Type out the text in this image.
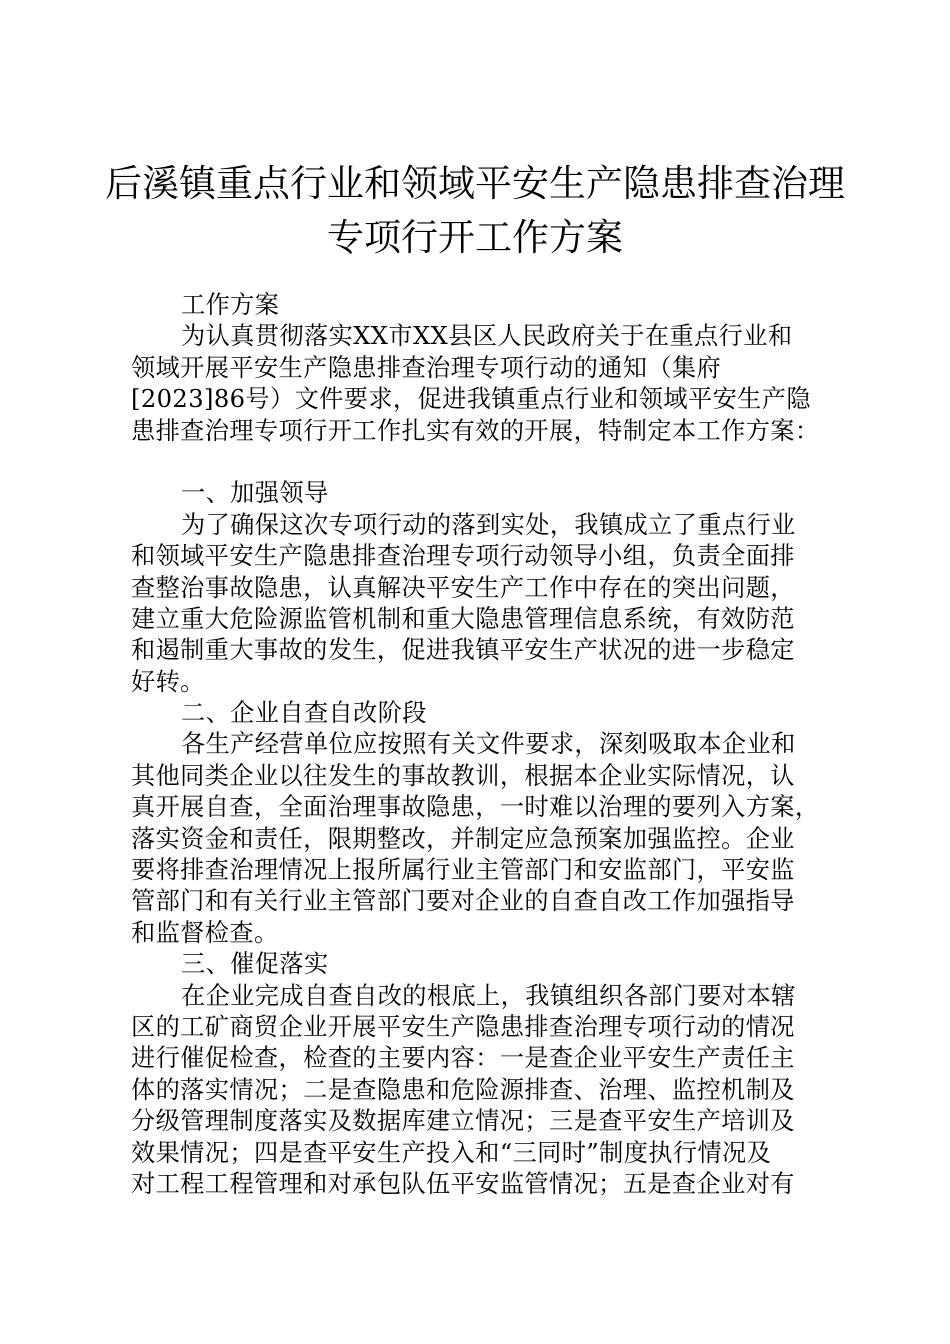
后溪镇重点行业和领域平安生产隐患排查治理
专项行开工作方案
工作方案
为认真贯彻落实XX市XX县区人民政府关于在重点行业和
领域开展平安生产隐患排查治理专项行动的通知（集府
[2023]86号）文件要求，促进我镇重点行业和领域平安生产隐
患排查治理专项行开工作扎实有效的开展，特制定本工作方案：
一、加强领导
为了确保这次专项行动的落到实处，我镇成立了重点行业
和领域平安生产隐患排查治理专项行动领导小组，负责全面排
查整治事故隐患，认真解决平安生产工作中存在的突出问题，
建立重大危险源监管机制和重大隐患管理信息系统，有效防范
和遏制重大事故的发生，促进我镇平安生产状况的进一步稳定
好转。
二、企业自查自改阶段
各生产经营单位应按照有关文件要求，深刻吸取本企业和
其他同类企业以往发生的事故教训，根据本企业实际情况，认
真开展自查，全面治理事故隐患，一时难以治理的要列入方案，
落实资金和责任，限期整改，并制定应急预案加强监控。企业
要将排查治理情况上报所属行业主管部门和安监部门，平安监
管部门和有关行业主管部门要对企业的自查自改工作加强指导
和监督检查。
三、催促落实
在企业完成自查自改的根底上，我镇组织各部门要对本辖
区的工矿商贸企业开展平安生产隐患排查治理专项行动的情况
进行催促检查，检查的主要内容：一是查企业平安生产责任主
体的落实情况；二是查隐患和危险源排查、治理、监控机制及
分级管理制度落实及数据库建立情况；三是查平安生产培训及
效果情况；四是查平安生产投入和“三同时”制度执行情况及
对工程工程管理和对承包队伍平安监管情况；五是查企业对有
